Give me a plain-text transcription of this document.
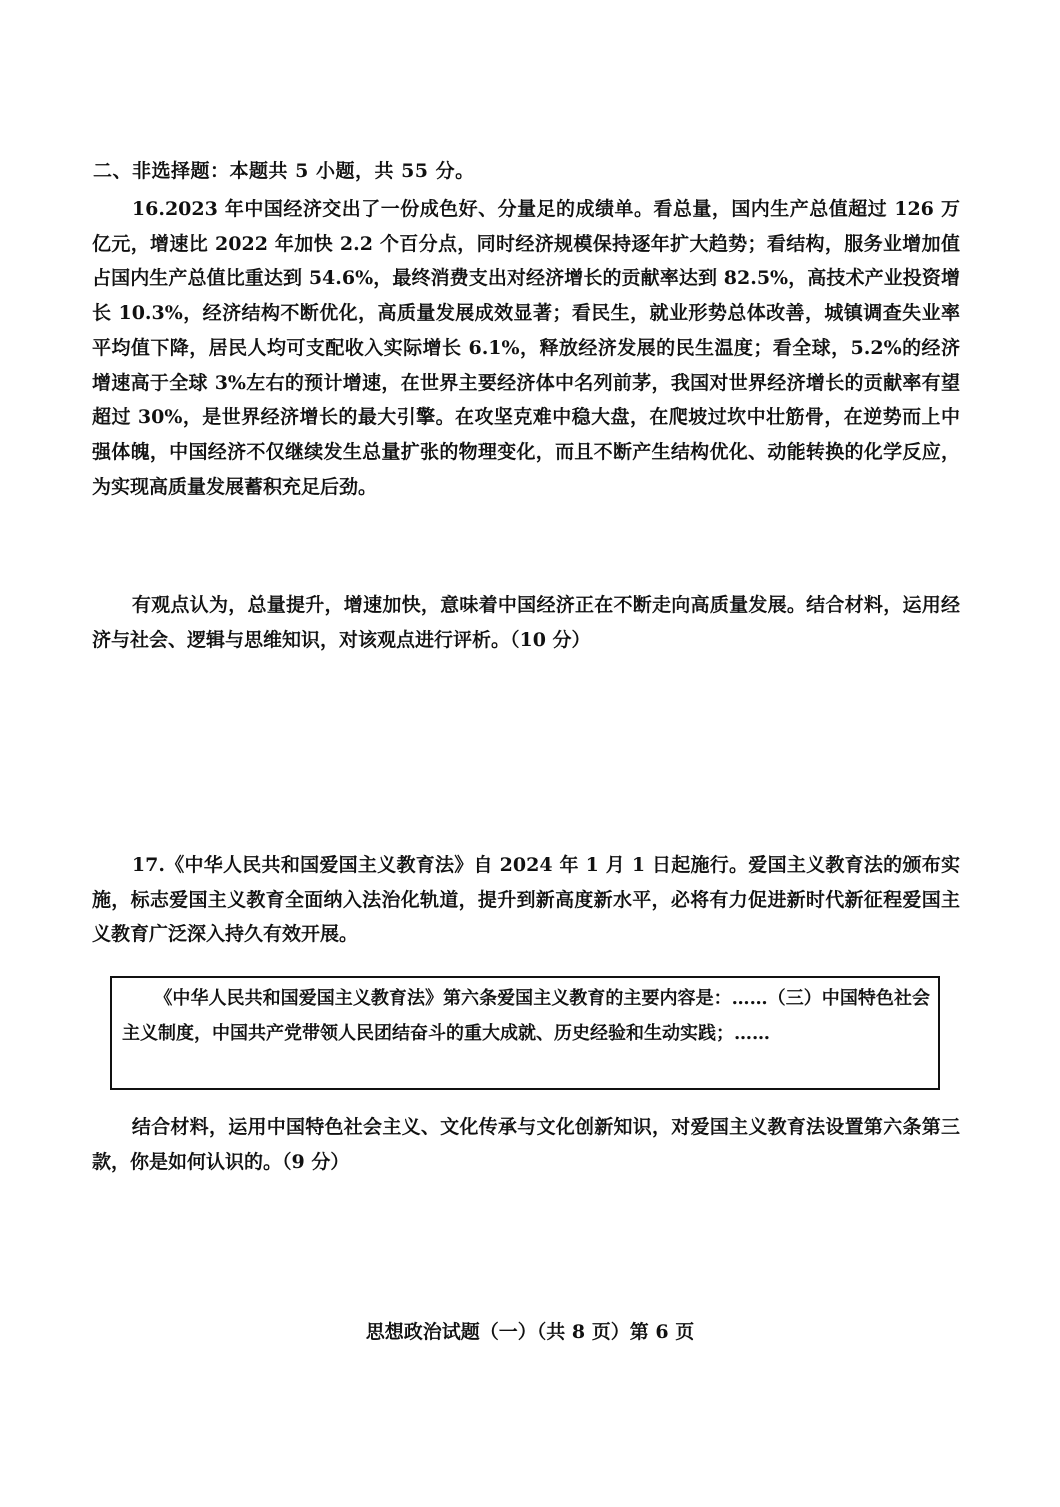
二、非选择题：本题共 5 小题，共 55 分。
16.2023 年中国经济交出了一份成色好、分量足的成绩单。看总量，国内生产总值超过 126 万亿元，增速比 2022 年加快 2.2 个百分点，同时经济规模保持逐年扩大趋势；看结构，服务业增加值占国内生产总值比重达到 54.6%，最终消费支出对经济增长的贡献率达到 82.5%，高技术产业投资增长 10.3%，经济结构不断优化，高质量发展成效显著；看民生，就业形势总体改善，城镇调查失业率平均值下降，居民人均可支配收入实际增长 6.1%，释放经济发展的民生温度；看全球，5.2%的经济增速高于全球 3%左右的预计增速，在世界主要经济体中名列前茅，我国对世界经济增长的贡献率有望超过 30%，是世界经济增长的最大引擎。在攻坚克难中稳大盘，在爬坡过坎中壮筋骨，在逆势而上中强体魄，中国经济不仅继续发生总量扩张的物理变化，而且不断产生结构优化、动能转换的化学反应，为实现高质量发展蓄积充足后劲。
有观点认为，总量提升，增速加快，意味着中国经济正在不断走向高质量发展。结合材料，运用经济与社会、逻辑与思维知识，对该观点进行评析。（10 分）
17.《中华人民共和国爱国主义教育法》自 2024 年 1 月 1 日起施行。爱国主义教育法的颁布实施，标志爱国主义教育全面纳入法治化轨道，提升到新高度新水平，必将有力促进新时代新征程爱国主义教育广泛深入持久有效开展。
《中华人民共和国爱国主义教育法》第六条爱国主义教育的主要内容是：……（三）中国特色社会主义制度，中国共产党带领人民团结奋斗的重大成就、历史经验和生动实践；……
结合材料，运用中国特色社会主义、文化传承与文化创新知识，对爱国主义教育法设置第六条第三款，你是如何认识的。（9 分）
思想政治试题（一）（共 8 页）第 6 页
